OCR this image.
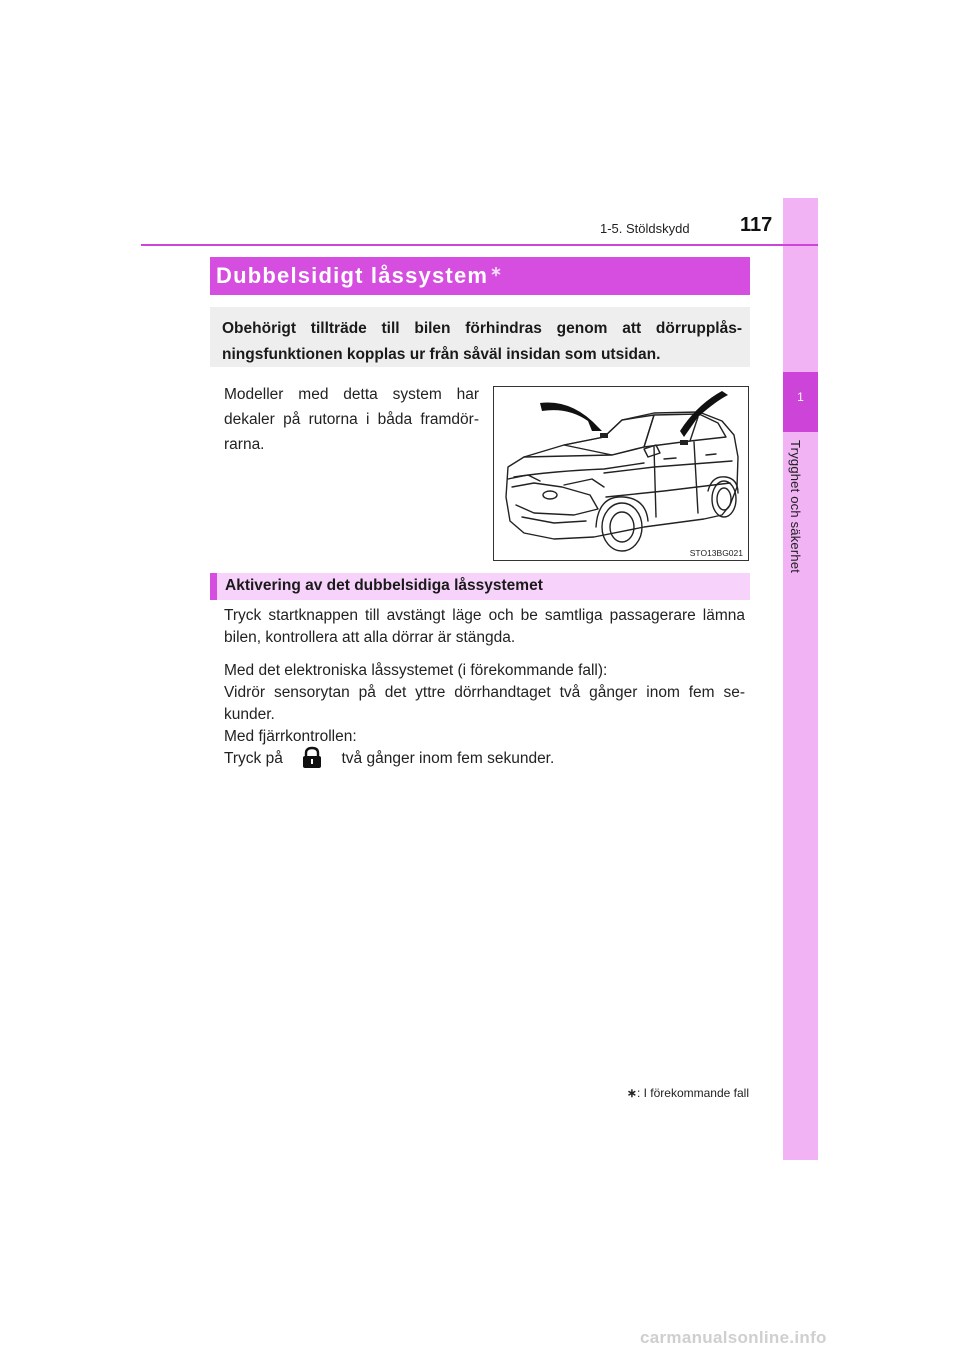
1
Trygghet och säkerhet
1-5. Stöldskydd	117
Dubbelsidigt låssystem ∗
Obehörigt tillträde till bilen förhindras genom att dörrupplås-ningsfunktionen kopplas ur från såväl insidan som utsidan.
Modeller med detta system har dekaler på rutorna i båda framdör-rarna.
STO13BG021
Aktivering av det dubbelsidiga låssystemet
Tryck startknappen till avstängt läge och be samtliga passagerare lämna bilen, kontrollera att alla dörrar är stängda.
Med det elektroniska låssystemet (i förekommande fall):
Vidrör sensorytan på det yttre dörrhandtaget två gånger inom fem se-kunder.
Med fjärrkontrollen:
Tryck på	två gånger inom fem sekunder.
∗: I förekommande fall
carmanualsonline.info
